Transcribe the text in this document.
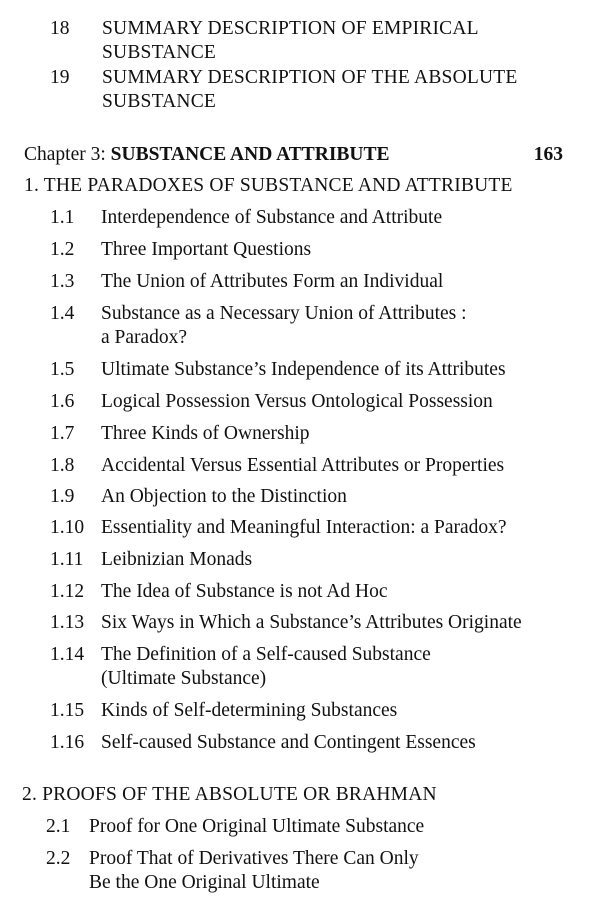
18 SUMMARY DESCRIPTION OF EMPIRICAL
SUBSTANCE
19 SUMMARY DESCRIPTION OF THE ABSOLUTE
SUBSTANCE
Chapter 3: SUBSTANCE AND ATTRIBUTE	163
1. THE PARADOXES OF SUBSTANCE AND ATTRIBUTE
1.1 Interdependence of Substance and Attribute
1.2 Three Important Questions
1.3 The Union of Attributes Form an Individual
1.4 Substance as a Necessary Union of Attributes :
a Paradox?
1.5 Ultimate Substance’s Independence of its Attributes
1.6 Logical Possession Versus Ontological Possession
1.7 Three Kinds of Ownership
1.8 Accidental Versus Essential Attributes or Properties
1.9 An Objection to the Distinction
1.10 Essentiality and Meaningful Interaction: a Paradox?
1.11 Leibnizian Monads
1.12 The Idea of Substance is not Ad Hoc
1.13 Six Ways in Which a Substance’s Attributes Originate
1.14 The Definition of a Self-caused Substance
(Ultimate Substance)
1.15 Kinds of Self-determining Substances
1.16 Self-caused Substance and Contingent Essences
2. PROOFS OF THE ABSOLUTE OR BRAHMAN
2.1 Proof for One Original Ultimate Substance
2.2 Proof That of Derivatives There Can Only
Be the One Original Ultimate
